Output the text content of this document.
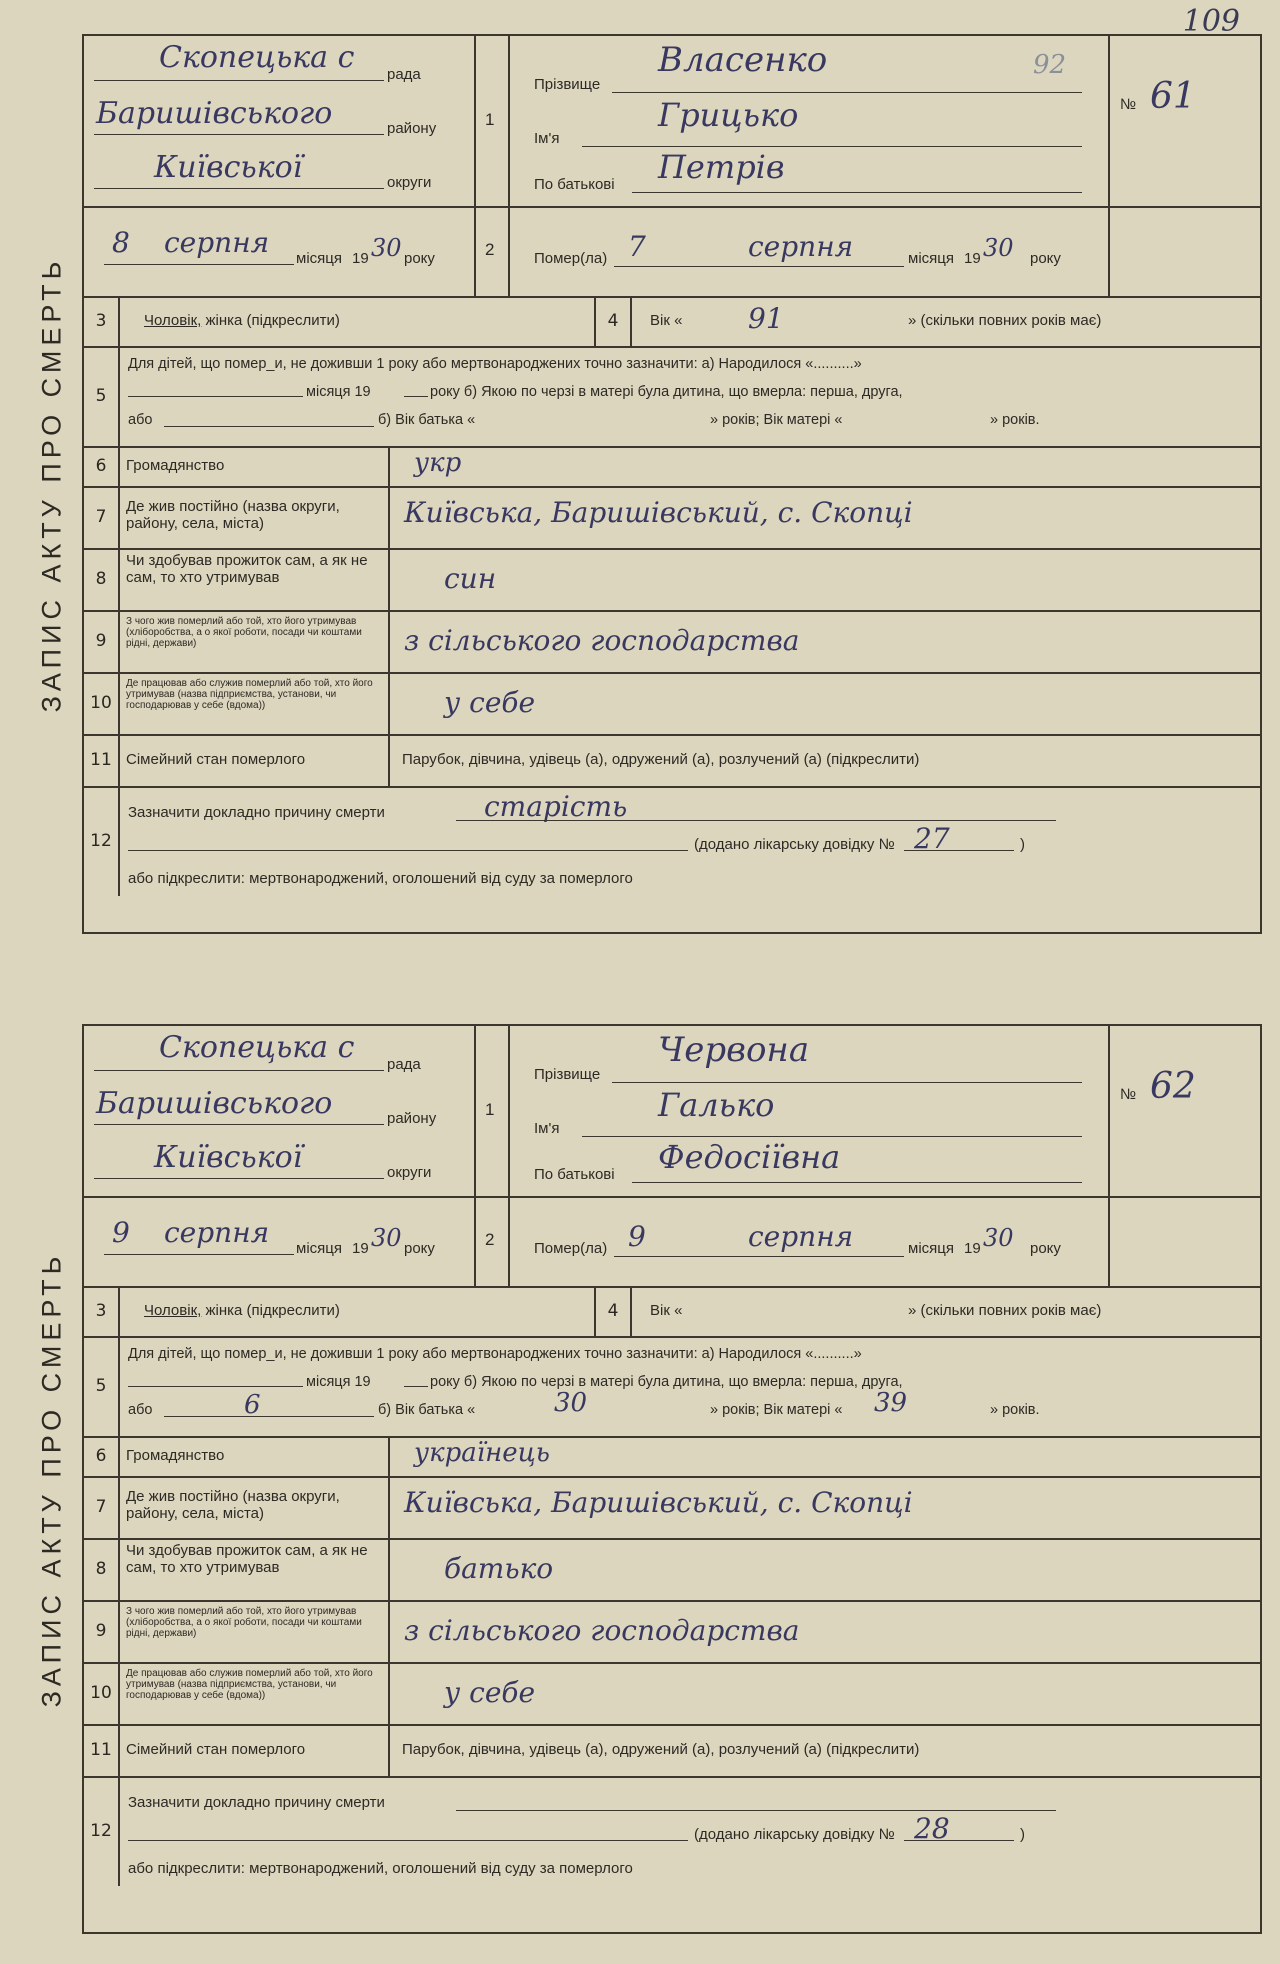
109
ЗАПИС АКТУ ПРО СМЕРТЬ
Скопецька с рада
Баришівського	району
Київської	округи
8 серпня місяця 19 30 року
1
2
Прізвище
Власенко	92
Ім'я
Грицько
По батькові Петрів
Помер(ла) 7	серпня	місяця 19 30 року
№ 61
3	Чоловік, жінка (підкреслити)	4	Вік « 91	» (скільки повних років має)
5
Для дітей, що помер_и, не доживши 1 року або мертвонароджених точно зазначити: а) Народилося «..........»
місяця 19	року б) Якою по черзі в матері була дитина, що вмерла: перша, друга,
або	б) Вік батька «	» років; Вік матері «	» років.
6	Громадянство	укр
7
Де жив постійно (назва округи, району, села, міста)	Київська, Баришівський, с. Скопці
8
Чи здобував прожиток сам, а як не сам, то хто утримував	син
9
З чого жив померлий або той, хто його утримував (хліборобства, а о якої роботи, посади чи коштами рідні, держави)	з сільського господарства
10
Де працював або служив померлий або той, хто його утримував (назва підприємства, установи, чи господарював у себе (вдома))	у себе
11 Сімейний стан померлого	Парубок, дівчина, удівець (а), одружений (а), розлучений (а) (підкреслити)
12
Зазначити докладно причину смерти	старість
(додано лікарську довідку № 27	)
або підкреслити: мертвонароджений, оголошений від суду за померлого
ЗАПИС АКТУ ПРО СМЕРТЬ
Скопецька с рада
Баришівського	району
Київської	округи
9 серпня місяця 19 30 року
1
2
Прізвище
Червона
Ім'я
Галько
По батькові Федосіївна
Помер(ла) 9	серпня	місяця 19 30 року
№ 62
3	Чоловік, жінка (підкреслити)	4	Вік «	» (скільки повних років має)
5
Для дітей, що помер_и, не доживши 1 року або мертвонароджених точно зазначити: а) Народилося «..........»
місяця 19	року б) Якою по черзі в матері була дитина, що вмерла: перша, друга,
або	6	б) Вік батька «	30	» років; Вік матері « 39	» років.
6	Громадянство	українець
7
Де жив постійно (назва округи, району, села, міста)	Київська, Баришівський, с. Скопці
8
Чи здобував прожиток сам, а як не сам, то хто утримував	батько
9
З чого жив померлий або той, хто його утримував (хліборобства, а о якої роботи, посади чи коштами рідні, держави)	з сільського господарства
10
Де працював або служив померлий або той, хто його утримував (назва підприємства, установи, чи господарював у себе (вдома))	у себе
11 Сімейний стан померлого	Парубок, дівчина, удівець (а), одружений (а), розлучений (а) (підкреслити)
12
Зазначити докладно причину смерти
(додано лікарську довідку № 28	)
або підкреслити: мертвонароджений, оголошений від суду за померлого
